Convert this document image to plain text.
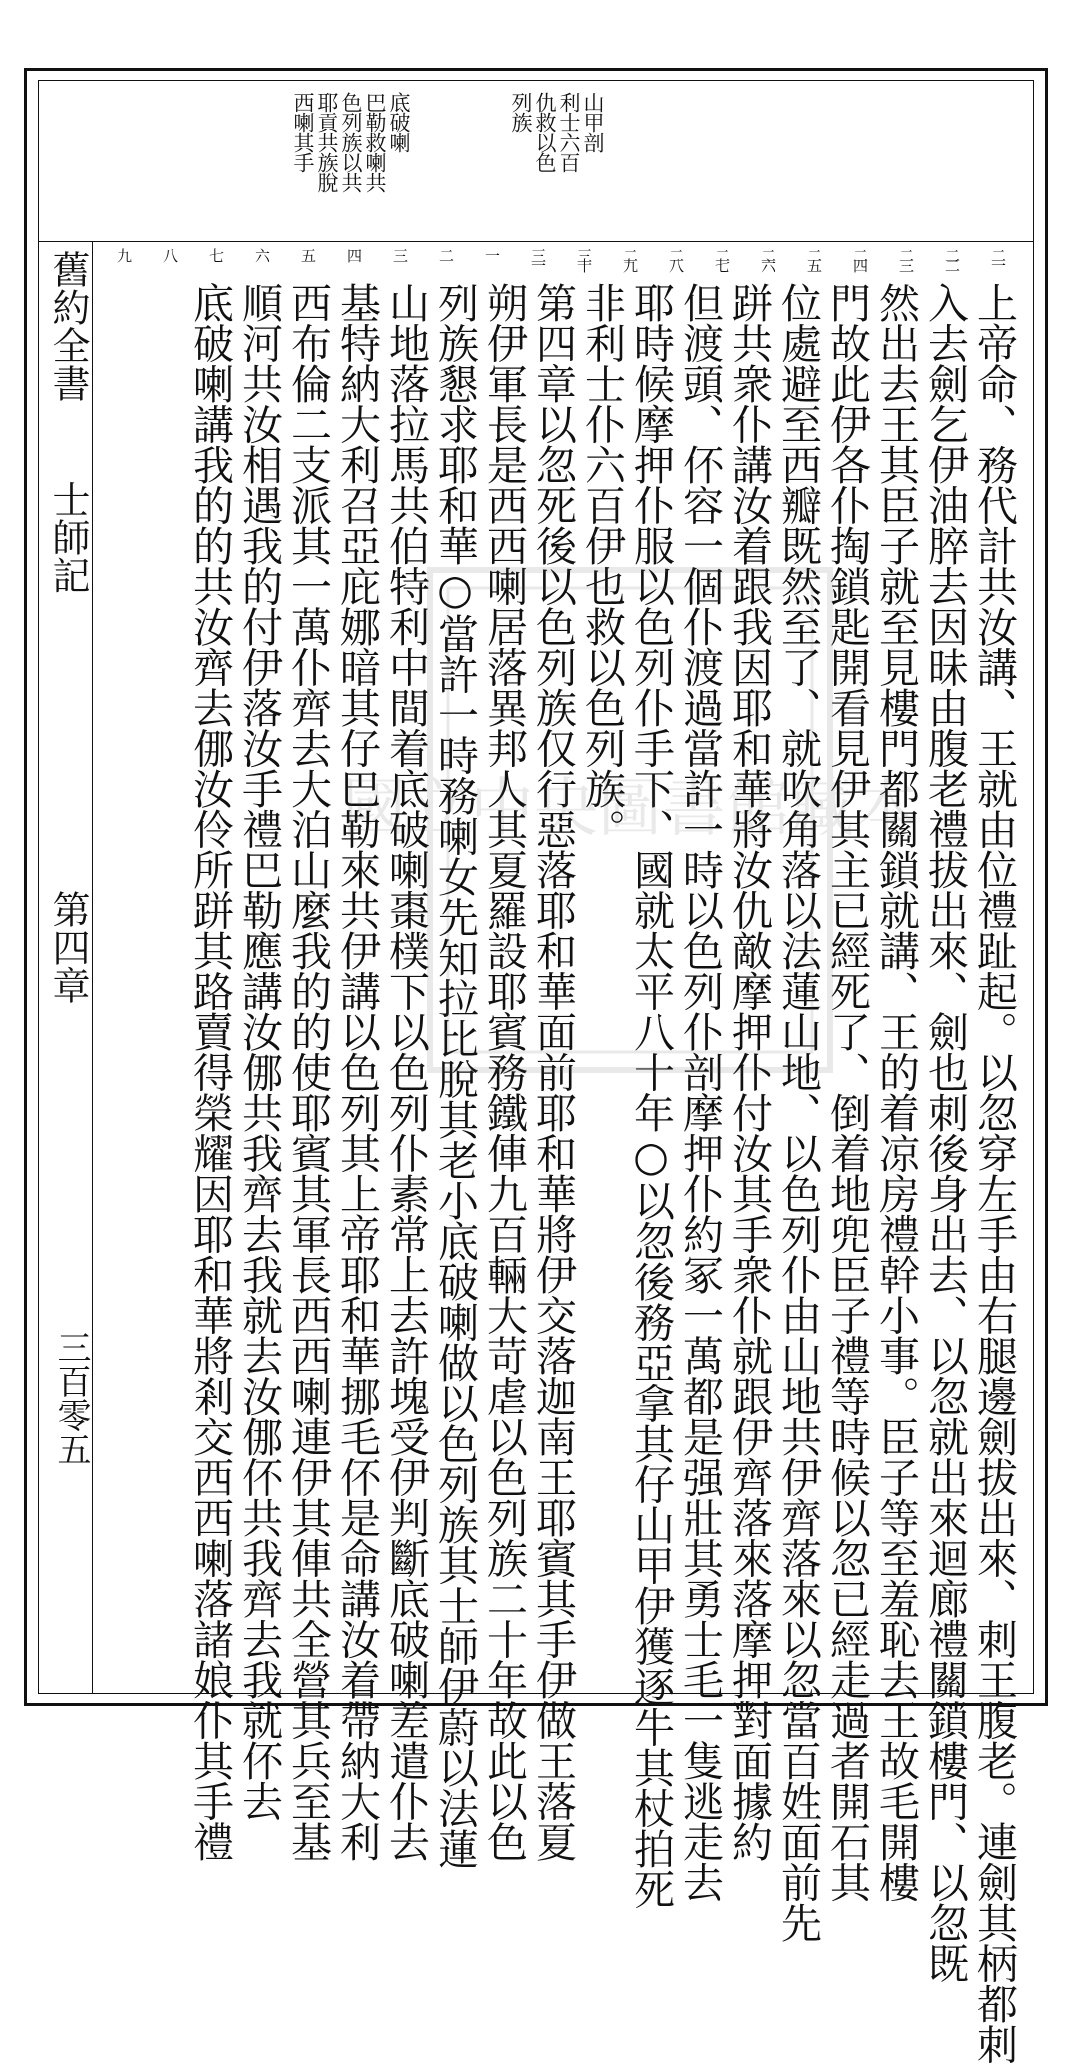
山甲剖
利士六百
仇救以色
列族
底破喇
巴勒救喇共
色列族以共
耶貢共族脫
西喇其手
二一
二二
二三
二四
二五
二六
二七
二八
二九
三十
三一
一
二
三
四
五
六
七
八
九
上帝命、務代計共汝講、王就由位禮趾起。以忽穿左手由右腿邊劍拔出來、刺王腹老。連劍其柄都刺
入去劍乞伊油脺去因昧由腹老禮拔出來、劍也刺後身出去、以忽就出來迴廊禮關鎖樓門、以忽既
然出去王其臣子就至見樓門都關鎖就講、王的着凉房禮幹小事。臣子等至羞恥去王故毛開樓
門故此伊各仆掏鎖匙開看見伊其主已經死了、倒着地兜臣子禮等時候以忽已經走過者開石其
位處避至西瓣既然至了、就吹角落以法蓮山地、以色列仆由山地共伊齊落來以忽當百姓面前先
跰共衆仆講汝着跟我因耶和華將汝仇敵摩押仆付汝其手衆仆就跟伊齊落來落摩押對面據約
但渡頭、伓容一個仆渡過當許一時以色列仆剖摩押仆約冢一萬都是强壯其勇士毛一隻逃走去
耶時候摩押仆服以色列仆手下、國就太平八十年○以忽後務亞拿其仔山甲伊獲逐牛其杖拍死
非利士仆六百伊也救以色列族。
第四章以忽死後以色列族仅行惡落耶和華面前耶和華將伊交落迦南王耶賓其手伊做王落夏
朔伊軍長是西西喇居落異邦人其夏羅設耶賓務鐵俥九百輛大苛虐以色列族二十年故此以色
列族懇求耶和華○當許一時務喇女先知拉比脫其老小底破喇做以色列族其士師伊蔚以法蓮
山地落拉馬共伯特利中間着底破喇棗樸下以色列仆素常上去許塊受伊判斷底破喇差遣仆去
基特納大利召亞庇娜暗其仔巴勒來共伊講以色列其上帝耶和華挪毛伓是命講汝着帶納大利
西布倫二支派其一萬仆齊去大泊山麼我的的使耶賓其軍長西西喇連伊其俥共全營其兵至基
順河共汝相遇我的付伊落汝手禮巴勒應講汝㑚共我齊去我就去汝㑚伓共我齊去我就伓去
底破喇講我的的共汝齊去㑚汝伶所跰其路賣得榮耀因耶和華將剎交西西喇落諸娘仆其手禮
舊約全書
士師記
第四章
三百零五
國立中央圖書館藏本
